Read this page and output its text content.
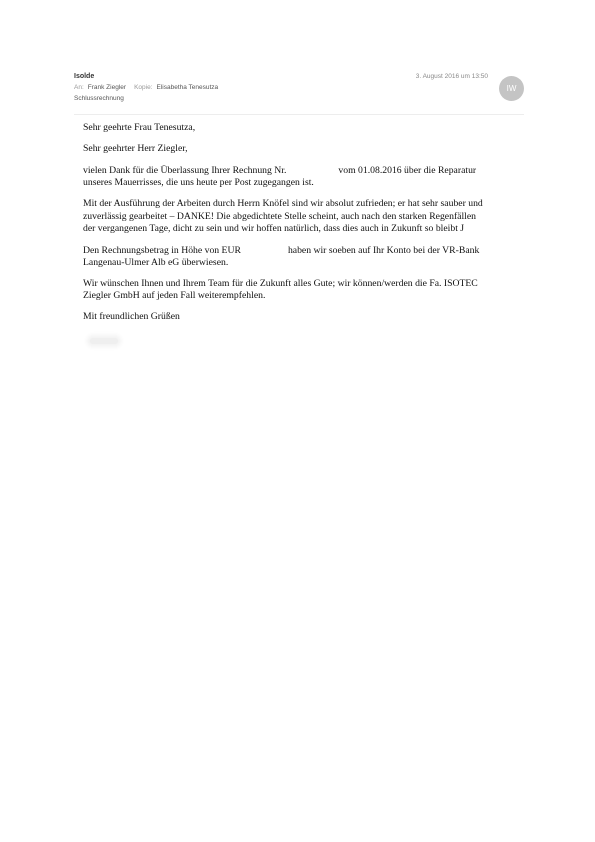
Isolde	3. August 2016 um 13:50
IW
An: Frank Ziegler Kopie: Elisabetha Tenesutza
Schlussrechnung

Sehr geehrte Frau Tenesutza,

Sehr geehrter Herr Ziegler,

vielen Dank für die Überlassung Ihrer Rechnung Nr.	vom 01.08.2016 über die Reparatur
unseres Mauerrisses, die uns heute per Post zugegangen ist.

Mit der Ausführung der Arbeiten durch Herrn Knöfel sind wir absolut zufrieden; er hat sehr sauber und
zuverlässig gearbeitet – DANKE! Die abgedichtete Stelle scheint, auch nach den starken Regenfällen
der vergangenen Tage, dicht zu sein und wir hoffen natürlich, dass dies auch in Zukunft so bleibt J

Den Rechnungsbetrag in Höhe von EUR	haben wir soeben auf Ihr Konto bei der VR-Bank
Langenau-Ulmer Alb eG überwiesen.

Wir wünschen Ihnen und Ihrem Team für die Zukunft alles Gute; wir können/werden die Fa. ISOTEC
Ziegler GmbH auf jeden Fall weiterempfehlen.

Mit freundlichen Grüßen
